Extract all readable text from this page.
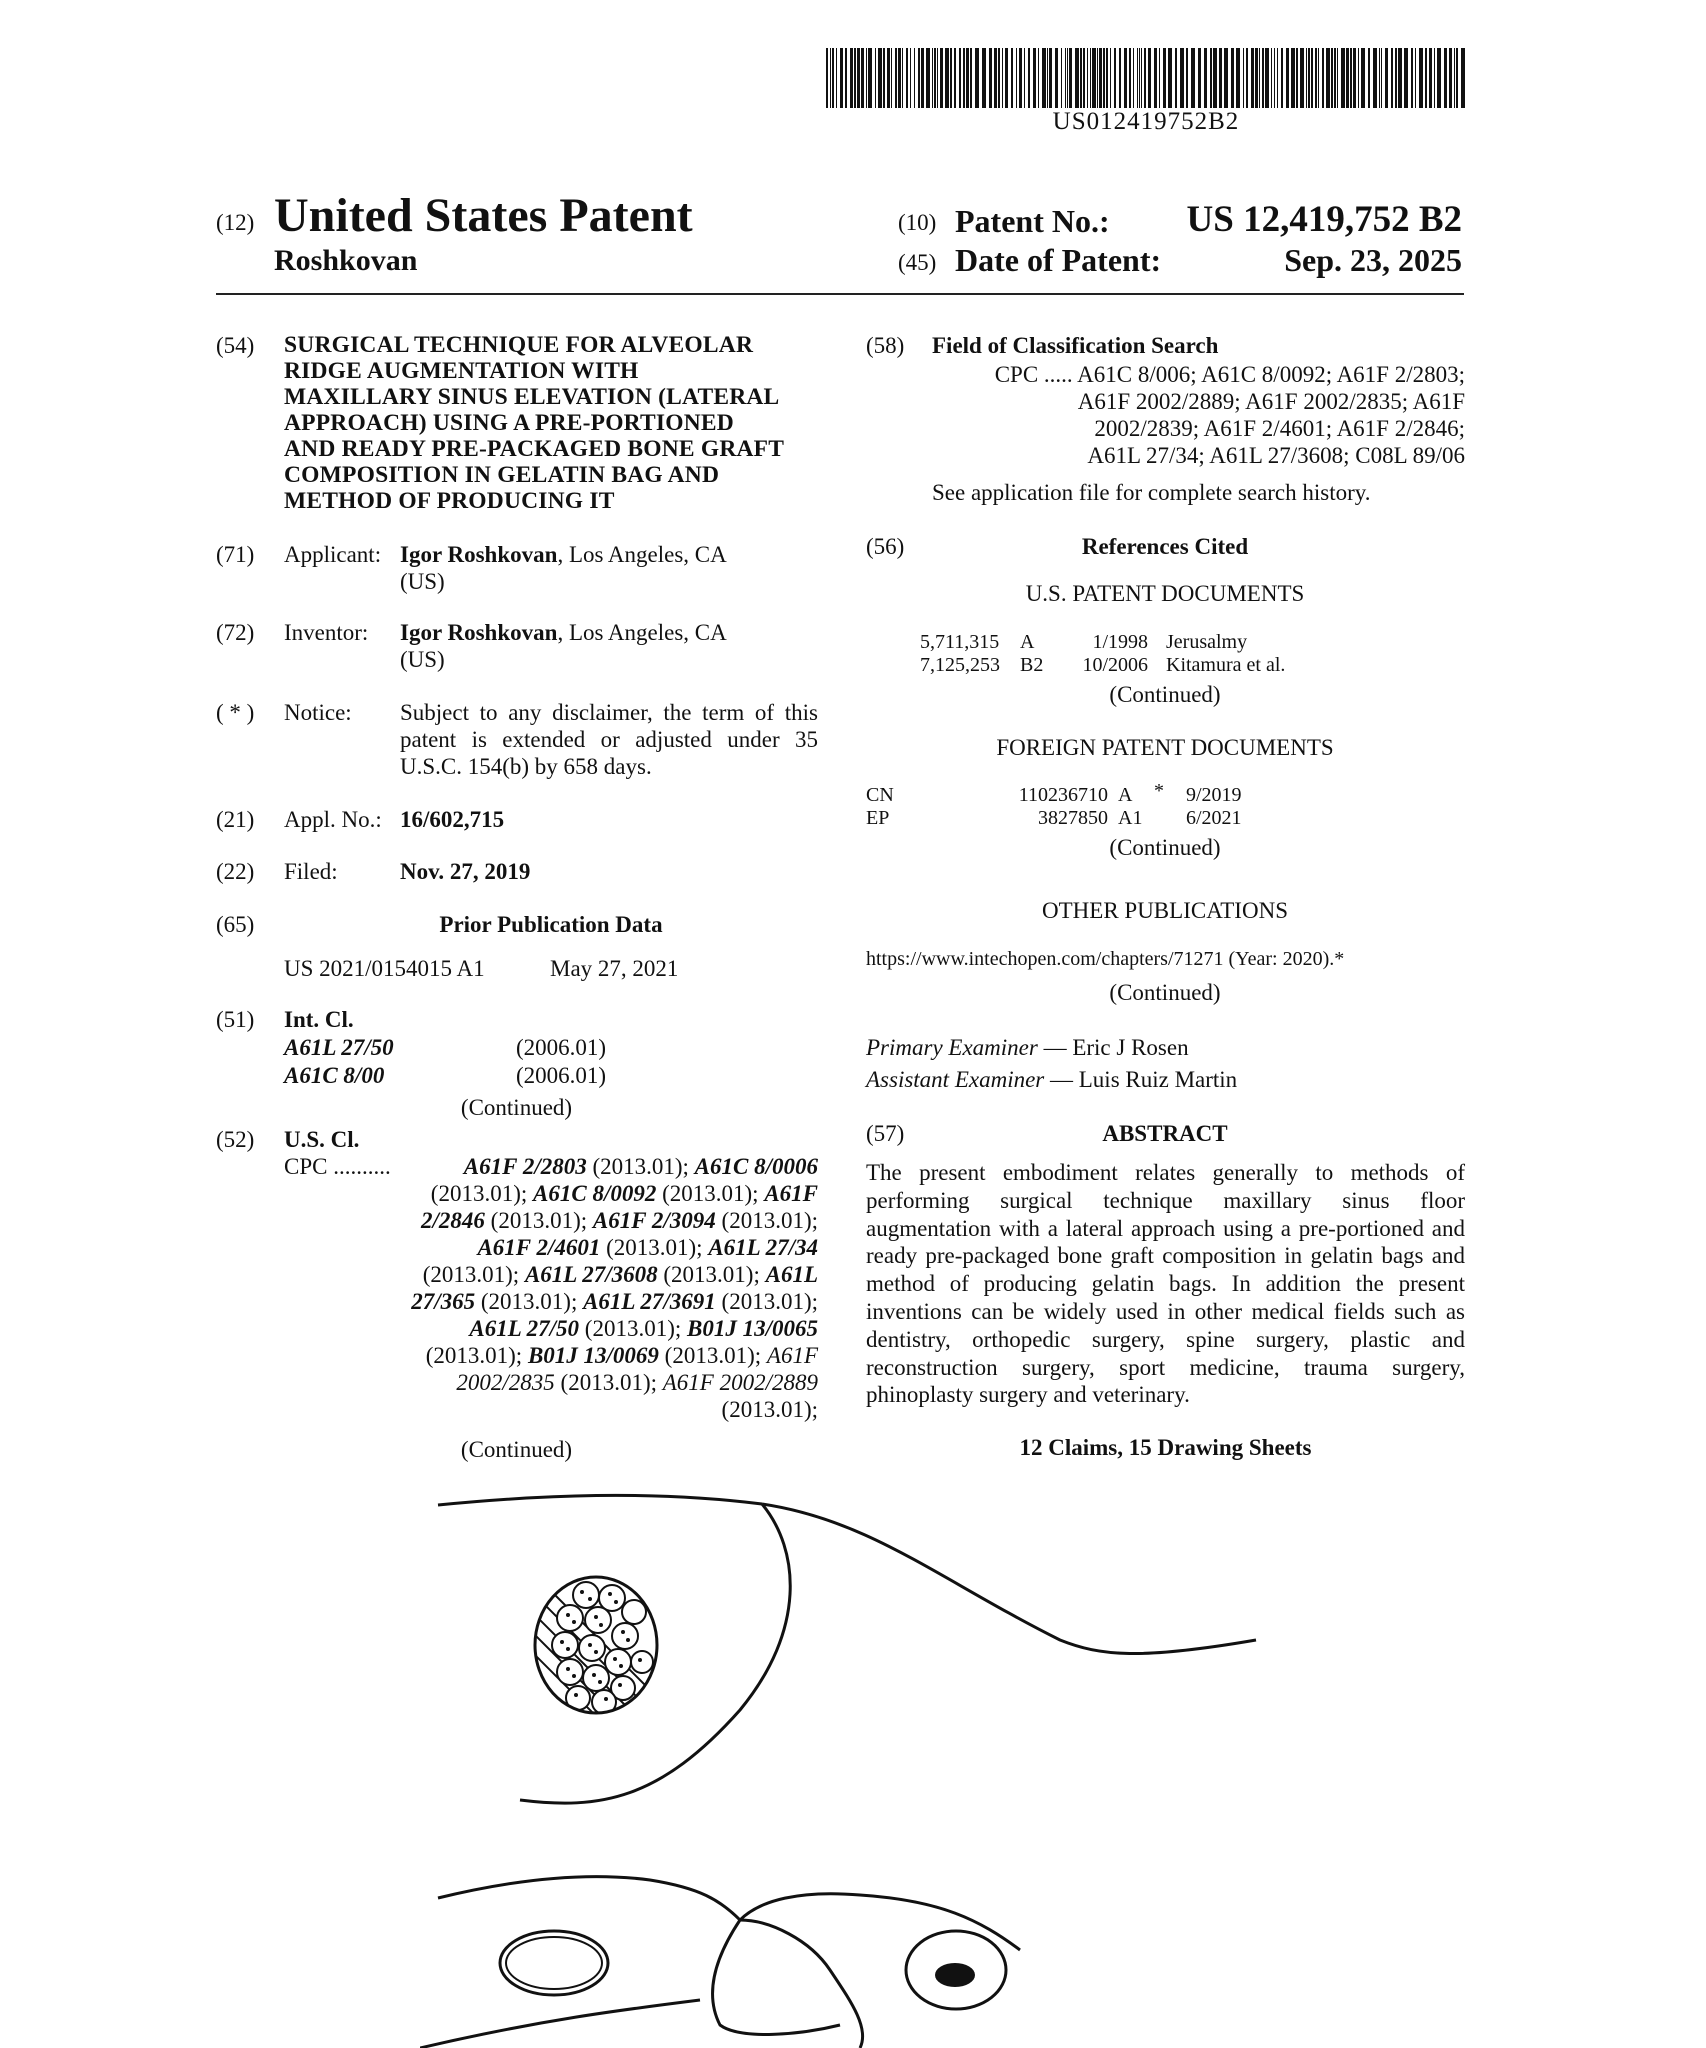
US012419752B2
(12) United States Patent
Roshkovan
(10) Patent No.: US 12,419,752 B2
(45) Date of Patent:	Sep. 23, 2025
(54) SURGICAL TECHNIQUE FOR ALVEOLAR
RIDGE AUGMENTATION WITH
MAXILLARY SINUS ELEVATION (LATERAL
APPROACH) USING A PRE-PORTIONED
AND READY PRE-PACKAGED BONE GRAFT
COMPOSITION IN GELATIN BAG AND
METHOD OF PRODUCING IT
(71) Applicant: Igor Roshkovan, Los Angeles, CA
(US)
(72) Inventor: Igor Roshkovan, Los Angeles, CA
(US)
( * ) Notice: Subject to any disclaimer, the term of this
patent is extended or adjusted under 35
U.S.C. 154(b) by 658 days.
(21) Appl. No.: 16/602,715
(22) Filed:	Nov. 27, 2019
(65)	Prior Publication Data
US 2021/0154015 A1	May 27, 2021
(51) Int. Cl.
A61L 27/50	(2006.01)
A61C 8/00	(2006.01)
(Continued)
(52) U.S. Cl.
CPC ..........	A61F 2/2803 (2013.01); A61C 8/0006
(2013.01); A61C 8/0092 (2013.01); A61F
2/2846 (2013.01); A61F 2/3094 (2013.01);
A61F 2/4601 (2013.01); A61L 27/34
(2013.01); A61L 27/3608 (2013.01); A61L
27/365 (2013.01); A61L 27/3691 (2013.01);
A61L 27/50 (2013.01); B01J 13/0065
(2013.01); B01J 13/0069 (2013.01); A61F
2002/2835 (2013.01); A61F 2002/2889
(2013.01);
(Continued)
(58) Field of Classification Search
CPC ..... A61C 8/006; A61C 8/0092; A61F 2/2803;
A61F 2002/2889; A61F 2002/2835; A61F
2002/2839; A61F 2/4601; A61F 2/2846;
A61L 27/34; A61L 27/3608; C08L 89/06
See application file for complete search history.
(56)	References Cited
U.S. PATENT DOCUMENTS
5,711,315 A	1/1998 Jerusalmy
7,125,253 B2	10/2006 Kitamura et al.
(Continued)
FOREIGN PATENT DOCUMENTS
CN	110236710 A * 9/2019
EP	3827850 A1 6/2021
(Continued)
OTHER PUBLICATIONS
https://www.intechopen.com/chapters/71271 (Year: 2020).*
(Continued)
Primary Examiner — Eric J Rosen
Assistant Examiner — Luis Ruiz Martin
(57)	ABSTRACT
The present embodiment relates generally to methods of performing surgical technique maxillary sinus floor augmentation with a lateral approach using a pre-portioned and ready pre-packaged bone graft composition in gelatin bags and method of producing gelatin bags. In addition the present inventions can be widely used in other medical fields such as dentistry, orthopedic surgery, spine surgery, plastic and reconstruction surgery, sport medicine, trauma surgery, phinoplasty surgery and veterinary.
12 Claims, 15 Drawing Sheets
